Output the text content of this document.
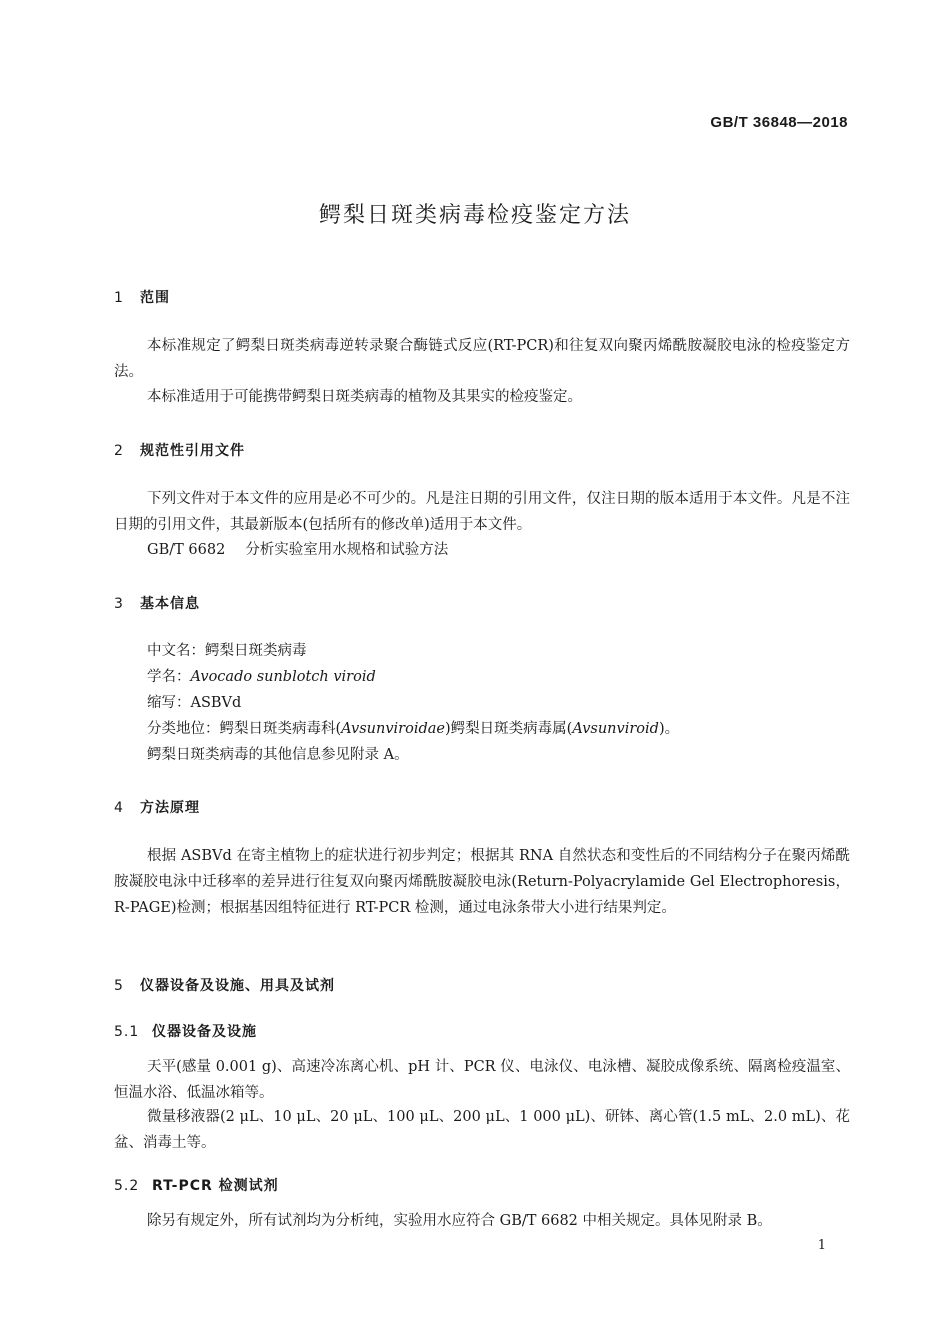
GB/T 36848—2018
鳄梨日斑类病毒检疫鉴定方法
1 范围
本标准规定了鳄梨日斑类病毒逆转录聚合酶链式反应(RT-PCR)和往复双向聚丙烯酰胺凝胶电泳的检疫鉴定方法。
本标准适用于可能携带鳄梨日斑类病毒的植物及其果实的检疫鉴定。
2 规范性引用文件
下列文件对于本文件的应用是必不可少的。凡是注日期的引用文件，仅注日期的版本适用于本文件。凡是不注日期的引用文件，其最新版本(包括所有的修改单)适用于本文件。
GB/T 6682 分析实验室用水规格和试验方法
3 基本信息
中文名：鳄梨日斑类病毒
学名：Avocado sunblotch viroid
缩写：ASBVd
分类地位：鳄梨日斑类病毒科(Avsunviroidae)鳄梨日斑类病毒属(Avsunviroid)。
鳄梨日斑类病毒的其他信息参见附录 A。
4 方法原理
根据 ASBVd 在寄主植物上的症状进行初步判定；根据其 RNA 自然状态和变性后的不同结构分子在聚丙烯酰胺凝胶电泳中迁移率的差异进行往复双向聚丙烯酰胺凝胶电泳(Return-Polyacrylamide Gel Electrophoresis，R-PAGE)检测；根据基因组特征进行 RT-PCR 检测，通过电泳条带大小进行结果判定。
5 仪器设备及设施、用具及试剂
5.1 仪器设备及设施
天平(感量 0.001 g)、高速冷冻离心机、pH 计、PCR 仪、电泳仪、电泳槽、凝胶成像系统、隔离检疫温室、恒温水浴、低温冰箱等。
微量移液器(2 μL、10 μL、20 μL、100 μL、200 μL、1 000 μL)、研钵、离心管(1.5 mL、2.0 mL)、花盆、消毒土等。
5.2 RT-PCR 检测试剂
除另有规定外，所有试剂均为分析纯，实验用水应符合 GB/T 6682 中相关规定。具体见附录 B。
1
